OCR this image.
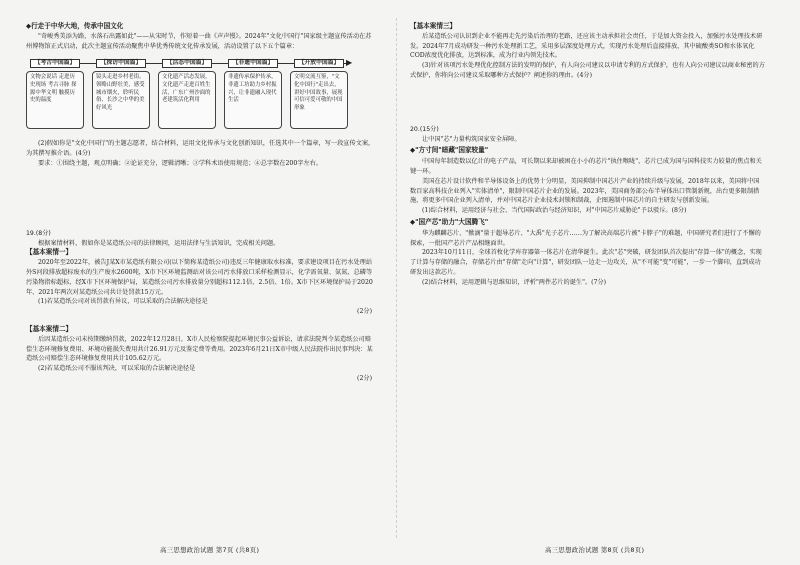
◆行走于中华大地，传承中国文化

"奇峻秀美添为路，水落石出露如此"——从宋时节，作短着一曲《声声慢》。2024年"文化中国行"国家级主题宣传活动在苏州博物馆正式启动，此次主题宣传活动聚焦中华优秀传统文化传承发展，活动设置了以下五个篇章：

▶
【考古中国篇】
文物会说话 走进历史现场 考古寻脉 探源中华文明 触摸历史的温度
【探访中国篇】
镜头走进乡村老街，领略山野壮美，感受城市烟火，聆听民俗、长沙之中华的美好风光
【活态中国篇】
文化遗产活态发展，文化遗产走进百姓生活，广东广州沙面的老建筑活化利用
【非遗中国篇】
非遗传承保护传承，非遗工坊助力乡村振兴，让非遗融入现代生活
【开放中国篇】
文明交流互鉴，"文化中国行"走出去，讲好中国故事，展现可信可爱可敬的中国形象

(2)假如你是"文化中国行"的主题志愿者，结合材料，运用文化传承与文化创新知识，任选其中一个篇章，写一段宣传文案，为其撰写推介语。(4分)

要求：①围绕主题，观点明确；②论证充分，逻辑清晰；③学科术语使用规范；④总字数在200字左右。

19.(8分)

根据案情材料，假如你是某造纸公司的法律顾问，运用法律与生活知识，完成相关问题。

【基本案情一】

2020年至2022年，被告J某X市某造纸有限公司(以下简称某造纸公司)违反三年健康取水标准，要求建设项目在污水处理站外S河段排放超标废水的生产废水2600吨，X市下区环境监测站对该公司污水排放口采样检测显示，化学需氧量、氨氮、总磷等污染物指标超标，经X市下区环境保护局，某造纸公司污水排放量分别超标112.1倍、2.5倍、1倍。X市下区环境保护局于2020年、2021年两次对某造纸公司共计处罚款15万元。

(1)若某造纸公司对该罚款有异议，可以采取的合法解决途径是

(2分)

【基本案情二】

后因某造纸公司未按期缴纳罚款，2022年12月28日，X市人民检察院提起环境民事公益诉讼，请求法院判令某造纸公司赔偿生态环境修复费用、环境功能损失费用共计26.91万元及鉴定费等费用。2023年6月21日X市中级人民法院作出民事判决：某造纸公司赔偿生态环境修复费用共计105.62万元。

(2)若某造纸公司不服该判决，可以采取的合法解决途径是

(2分)

高三思想政治试题 第7页 (共8页)

【基本案情三】

后某造纸公司认识到企业不能再走先污染后治理的老路，还应该主动承担社会责任，于是加大资金投入，加强污水处理技术研发。2024年7月成功研发一种污水处理新工艺，采用多层深度处理方式，实现污水处理后直接排放，其中硫酸类SO和水体氧化COD浓度优化排放，达到标准，成为行业内领先技术。

(3)针对该项污水处理优化控制方法的发明的保护，有人向公司建议以申请专利的方式保护，也有人向公司建议以商业秘密的方式保护，你将向公司建议采取哪种方式保护？阐述你的理由。(4分)

20.(15分)

让中国"芯"力量构筑国家安全屏障。

◆"方寸间"暗藏"国家较量"

中国每年制造数以亿计的电子产品，可长期以来却被困在小小的芯片"执住喉咙"，芯片已成为国与国科技实力较量的焦点和关键一环。

美国在芯片设计软件和半导体设备上的优势十分明显，美国抑制中国芯片产业的持续升级与发展，2018年以来，美国将中国数百家高科技企业列入"实体清单"，限制中国芯片企业的发展。2023年，美国商务部公布半导体出口管制新规，出台更多限制措施，将更多中国企业列入清单，并对中国芯片企业技术封锁和制裁，企图遏制中国芯片的自主研发与创新发展。

(1)综合材料，运用经济与社会、当代国际政治与经济知识，对"中国芯片威胁论"予以驳斥。(8分)

◆"国产芯"助力"大国腾飞"

华为麒麟芯片、"掀滴"量于超导芯片、"大禹"光子芯片……为了解决高端芯片被"卡脖子"的难题，中国研究者们进行了不懈的探索，一批国产芯片产品相继面世。

2023年10月11日，全球首枚化学库存器第一体芯片在清华诞生。此次"芯"突破，研发团队首次提出"存算一体"的概念，实现了计算与存储的融合，存储芯片由"存储"走向"计算"，研发团队一边走一边攻关，从"不可能"变"可能"，一步一个脚印，直到成功研发出这款芯片。

(2)结合材料，运用逻辑与思维知识，评析"两件芯片的诞生"。(7分)

高三思想政治试题 第8页 (共8页)
